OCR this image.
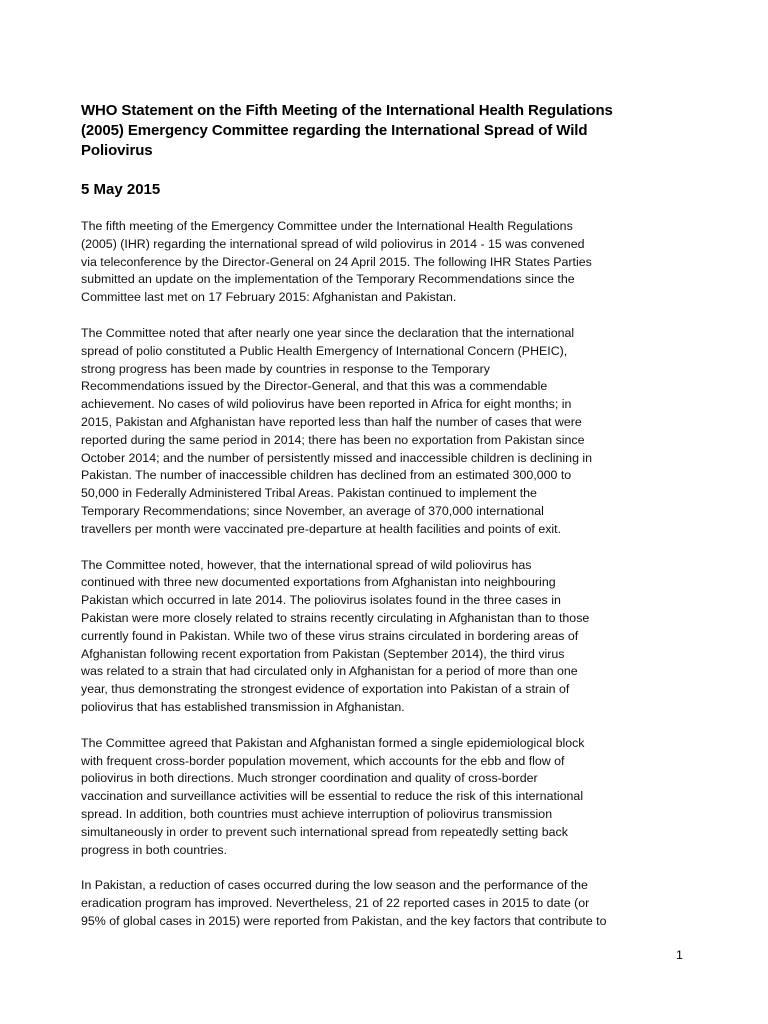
WHO Statement on the Fifth Meeting of the International Health Regulations
(2005) Emergency Committee regarding the International Spread of Wild
Poliovirus

5 May 2015

The fifth meeting of the Emergency Committee under the International Health Regulations
(2005) (IHR) regarding the international spread of wild poliovirus in 2014 - 15 was convened
via teleconference by the Director-General on 24 April 2015. The following IHR States Parties
submitted an update on the implementation of the Temporary Recommendations since the
Committee last met on 17 February 2015: Afghanistan and Pakistan.

The Committee noted that after nearly one year since the declaration that the international
spread of polio constituted a Public Health Emergency of International Concern (PHEIC),
strong progress has been made by countries in response to the Temporary
Recommendations issued by the Director-General, and that this was a commendable
achievement. No cases of wild poliovirus have been reported in Africa for eight months; in
2015, Pakistan and Afghanistan have reported less than half the number of cases that were
reported during the same period in 2014; there has been no exportation from Pakistan since
October 2014; and the number of persistently missed and inaccessible children is declining in
Pakistan. The number of inaccessible children has declined from an estimated 300,000 to
50,000 in Federally Administered Tribal Areas. Pakistan continued to implement the
Temporary Recommendations; since November, an average of 370,000 international
travellers per month were vaccinated pre-departure at health facilities and points of exit.

The Committee noted, however, that the international spread of wild poliovirus has
continued with three new documented exportations from Afghanistan into neighbouring
Pakistan which occurred in late 2014. The poliovirus isolates found in the three cases in
Pakistan were more closely related to strains recently circulating in Afghanistan than to those
currently found in Pakistan. While two of these virus strains circulated in bordering areas of
Afghanistan following recent exportation from Pakistan (September 2014), the third virus
was related to a strain that had circulated only in Afghanistan for a period of more than one
year, thus demonstrating the strongest evidence of exportation into Pakistan of a strain of
poliovirus that has established transmission in Afghanistan.

The Committee agreed that Pakistan and Afghanistan formed a single epidemiological block
with frequent cross-border population movement, which accounts for the ebb and flow of
poliovirus in both directions. Much stronger coordination and quality of cross-border
vaccination and surveillance activities will be essential to reduce the risk of this international
spread. In addition, both countries must achieve interruption of poliovirus transmission
simultaneously in order to prevent such international spread from repeatedly setting back
progress in both countries.

In Pakistan, a reduction of cases occurred during the low season and the performance of the
eradication program has improved. Nevertheless, 21 of 22 reported cases in 2015 to date (or
95% of global cases in 2015) were reported from Pakistan, and the key factors that contribute to

1
